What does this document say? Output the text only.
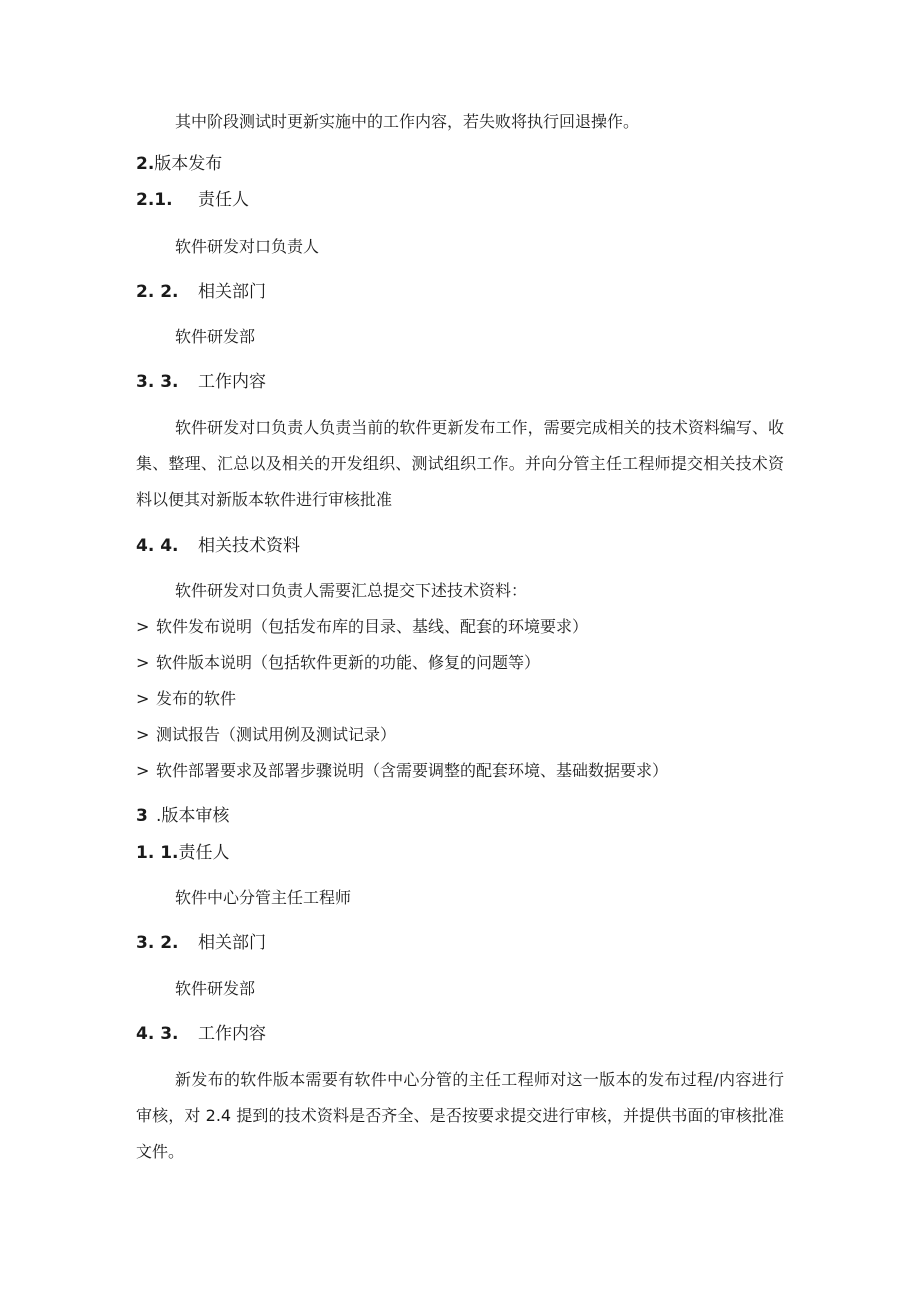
其中阶段测试时更新实施中的工作内容，若失败将执行回退操作。
2.版本发布
2.1. 责任人
软件研发对口负责人
2. 2. 相关部门
软件研发部
3. 3. 工作内容
软件研发对口负责人负责当前的软件更新发布工作，需要完成相关的技术资料编写、收集、整理、汇总以及相关的开发组织、测试组织工作。并向分管主任工程师提交相关技术资料以便其对新版本软件进行审核批准
4. 4. 相关技术资料
软件研发对口负责人需要汇总提交下述技术资料：
> 软件发布说明（包括发布库的目录、基线、配套的环境要求）
> 软件版本说明（包括软件更新的功能、修复的问题等）
> 发布的软件
> 测试报告（测试用例及测试记录）
> 软件部署要求及部署步骤说明（含需要调整的配套环境、基础数据要求）
3 .版本审核
1. 1.责任人
软件中心分管主任工程师
3. 2. 相关部门
软件研发部
4. 3. 工作内容
新发布的软件版本需要有软件中心分管的主任工程师对这一版本的发布过程/内容进行审核，对 2.4 提到的技术资料是否齐全、是否按要求提交进行审核，并提供书面的审核批准文件。
